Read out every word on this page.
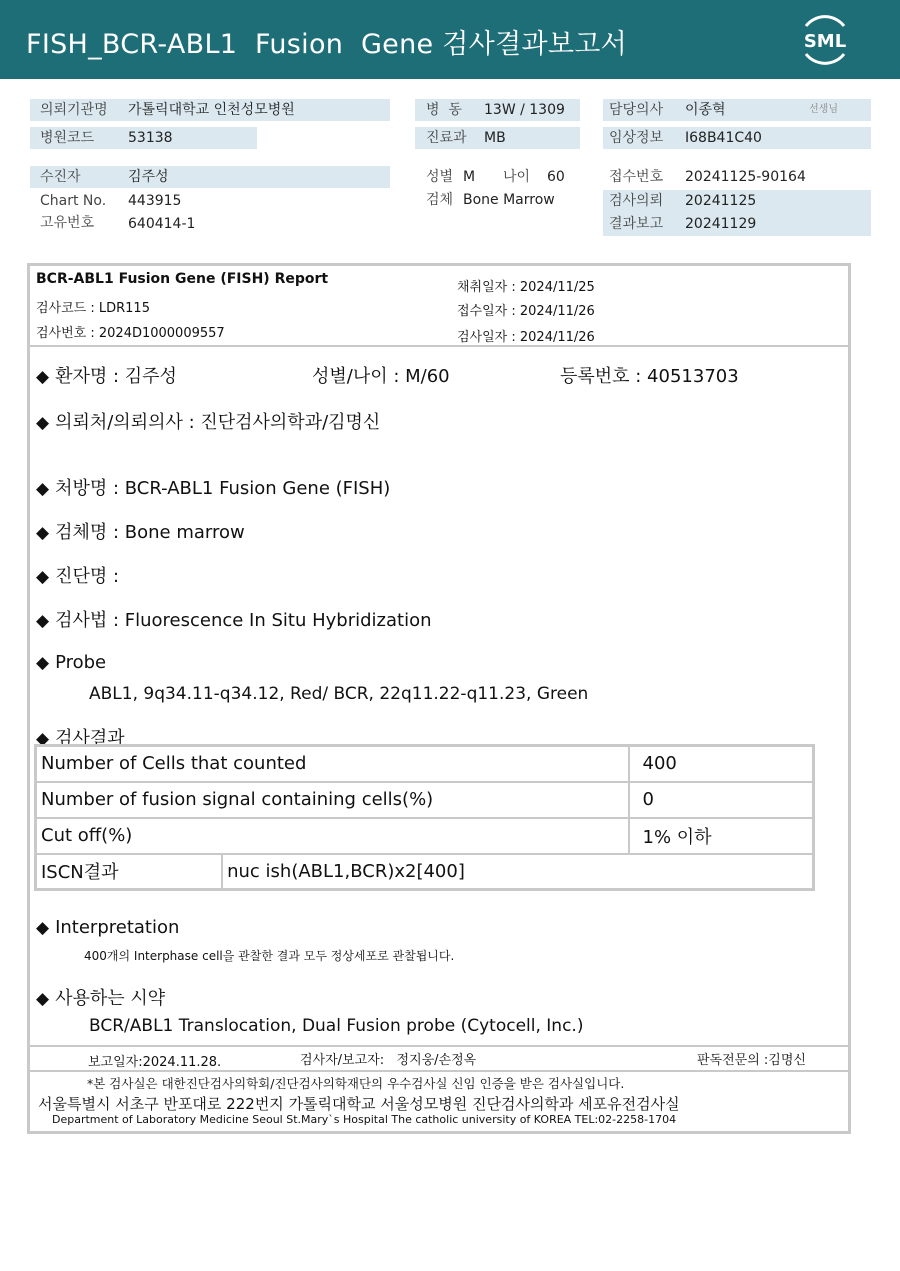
FISH_BCR-ABL1  Fusion  Gene 검사결과보고서	SML
의뢰기관명 가톨릭대학교 인천성모병원	병  동 13W / 1309	담당의사 이종혁	선생님
병원코드 53138	진료과 MB	임상정보 I68B41C40
수진자	김주성	성별 M 나이 60	접수번호 20241125-90164
Chart No. 443915	검체 Bone Marrow	검사의뢰 20241125
고유번호 640414-1	결과보고 20241129
BCR-ABL1 Fusion Gene (FISH) Report
검사코드 : LDR115
검사번호 : 2024D1000009557
채취일자 : 2024/11/25
접수일자 : 2024/11/26
검사일자 : 2024/11/26
◆ 환자명 : 김주성	성별/나이 : M/60	등록번호 : 40513703
◆ 의뢰처/의뢰의사 : 진단검사의학과/김명신
◆ 처방명 : BCR-ABL1 Fusion Gene (FISH)
◆ 검체명 : Bone marrow
◆ 진단명 :
◆ 검사법 : Fluorescence In Situ Hybridization
◆ Probe
ABL1, 9q34.11-q34.12, Red/ BCR, 22q11.22-q11.23, Green
◆ 검사결과
Number of Cells that counted		400
Number of fusion signal containing cells(%)		0
Cut off(%)		1% 이하
ISCN결과	nuc ish(ABL1,BCR)x2[400]	
◆ Interpretation
400개의 Interphase cell을 관찰한 결과 모두 정상세포로 관찰됩니다.
◆ 사용하는 시약
BCR/ABL1 Translocation, Dual Fusion probe (Cytocell, Inc.)
보고일자:2024.11.28.	검사자/보고자:   정지웅/손정옥	판독전문의 :김명신
*본 검사실은 대한진단검사의학회/진단검사의학재단의 우수검사실 신임 인증을 받은 검사실입니다.
서울특별시 서초구 반포대로 222번지 가톨릭대학교 서울성모병원 진단검사의학과 세포유전검사실
Department of Laboratory Medicine Seoul St.Mary`s Hospital The catholic university of KOREA TEL:02-2258-1704
